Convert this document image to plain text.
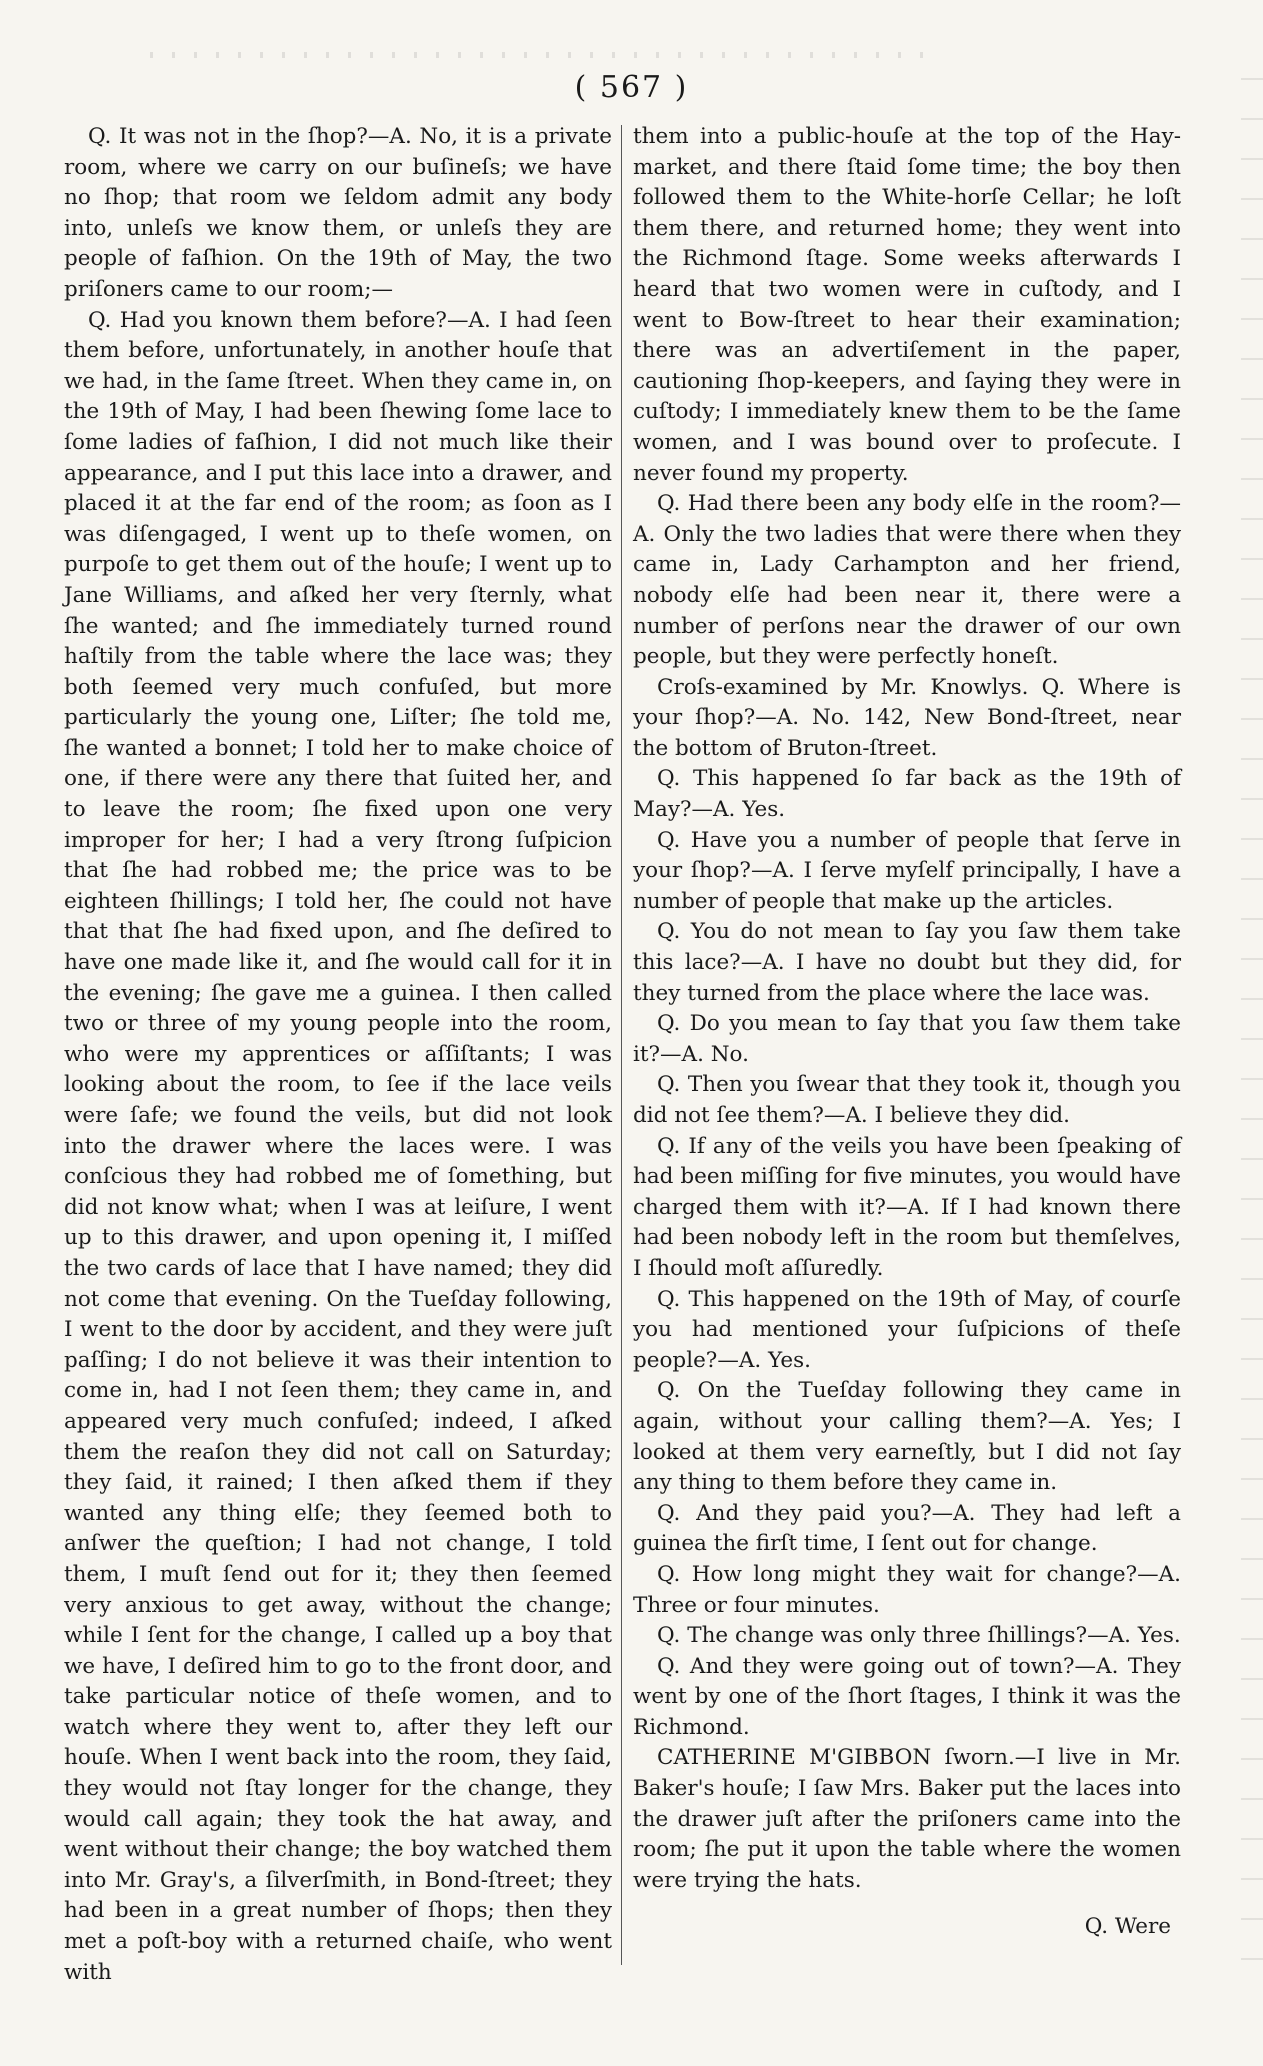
( 567 )

Q. It was not in the ſhop?—A. No, it is a private room, where we carry on our buſineſs; we have no ſhop; that room we ſeldom admit any body into, unleſs we know them, or unleſs they are people of faſhion. On the 19th of May, the two priſoners came to our room;—

Q. Had you known them before?—A. I had ſeen them before, unfortunately, in another houſe that we had, in the ſame ſtreet. When they came in, on the 19th of May, I had been ſhewing ſome lace to ſome ladies of faſhion, I did not much like their appearance, and I put this lace into a drawer, and placed it at the far end of the room; as ſoon as I was diſengaged, I went up to theſe women, on purpoſe to get them out of the houſe; I went up to Jane Williams, and aſked her very ſternly, what ſhe wanted; and ſhe immediately turned round haſtily from the table where the lace was; they both ſeemed very much confuſed, but more particularly the young one, Liſter; ſhe told me, ſhe wanted a bonnet; I told her to make choice of one, if there were any there that ſuited her, and to leave the room; ſhe fixed upon one very improper for her; I had a very ſtrong ſuſpicion that ſhe had robbed me; the price was to be eighteen ſhillings; I told her, ſhe could not have that that ſhe had fixed upon, and ſhe deſired to have one made like it, and ſhe would call for it in the evening; ſhe gave me a guinea. I then called two or three of my young people into the room, who were my apprentices or aſſiſtants; I was looking about the room, to ſee if the lace veils were ſafe; we found the veils, but did not look into the drawer where the laces were. I was conſcious they had robbed me of ſomething, but did not know what; when I was at leiſure, I went up to this drawer, and upon opening it, I miſſed the two cards of lace that I have named; they did not come that evening. On the Tueſday following, I went to the door by accident, and they were juſt paſſing; I do not believe it was their intention to come in, had I not ſeen them; they came in, and appeared very much confuſed; indeed, I aſked them the reaſon they did not call on Saturday; they ſaid, it rained; I then aſked them if they wanted any thing elſe; they ſeemed both to anſwer the queſtion; I had not change, I told them, I muſt ſend out for it; they then ſeemed very anxious to get away, without the change; while I ſent for the change, I called up a boy that we have, I deſired him to go to the front door, and take particular notice of theſe women, and to watch where they went to, after they left our houſe. When I went back into the room, they ſaid, they would not ſtay longer for the change, they would call again; they took the hat away, and went without their change; the boy watched them into Mr. Gray's, a ſilverſmith, in Bond-ſtreet; they had been in a great number of ſhops; then they met a poſt-boy with a returned chaiſe, who went with

them into a public-houſe at the top of the Hay-market, and there ſtaid ſome time; the boy then followed them to the White-horſe Cellar; he loſt them there, and returned home; they went into the Richmond ſtage. Some weeks afterwards I heard that two women were in cuſtody, and I went to Bow-ſtreet to hear their examination; there was an advertiſement in the paper, cautioning ſhop-keepers, and ſaying they were in cuſtody; I immediately knew them to be the ſame women, and I was bound over to proſecute. I never found my property.

Q. Had there been any body elſe in the room?—A. Only the two ladies that were there when they came in, Lady Carhampton and her friend, nobody elſe had been near it, there were a number of perſons near the drawer of our own people, but they were perfectly honeſt.

Croſs-examined by Mr. Knowlys. Q. Where is your ſhop?—A. No. 142, New Bond-ſtreet, near the bottom of Bruton-ſtreet.

Q. This happened ſo far back as the 19th of May?—A. Yes.

Q. Have you a number of people that ſerve in your ſhop?—A. I ſerve myſelf principally, I have a number of people that make up the articles.

Q. You do not mean to ſay you ſaw them take this lace?—A. I have no doubt but they did, for they turned from the place where the lace was.

Q. Do you mean to ſay that you ſaw them take it?—A. No.

Q. Then you ſwear that they took it, though you did not ſee them?—A. I believe they did.

Q. If any of the veils you have been ſpeaking of had been miſſing for five minutes, you would have charged them with it?—A. If I had known there had been nobody left in the room but themſelves, I ſhould moſt aſſuredly.

Q. This happened on the 19th of May, of courſe you had mentioned your ſuſpicions of theſe people?—A. Yes.

Q. On the Tueſday following they came in again, without your calling them?—A. Yes; I looked at them very earneſtly, but I did not ſay any thing to them before they came in.

Q. And they paid you?—A. They had left a guinea the firſt time, I ſent out for change.

Q. How long might they wait for change?—A. Three or four minutes.

Q. The change was only three ſhillings?—A. Yes.

Q. And they were going out of town?—A. They went by one of the ſhort ſtages, I think it was the Richmond.

CATHERINE M'GIBBON ſworn.—I live in Mr. Baker's houſe; I ſaw Mrs. Baker put the laces into the drawer juſt after the priſoners came into the room; ſhe put it upon the table where the women were trying the hats.

Q. Were
